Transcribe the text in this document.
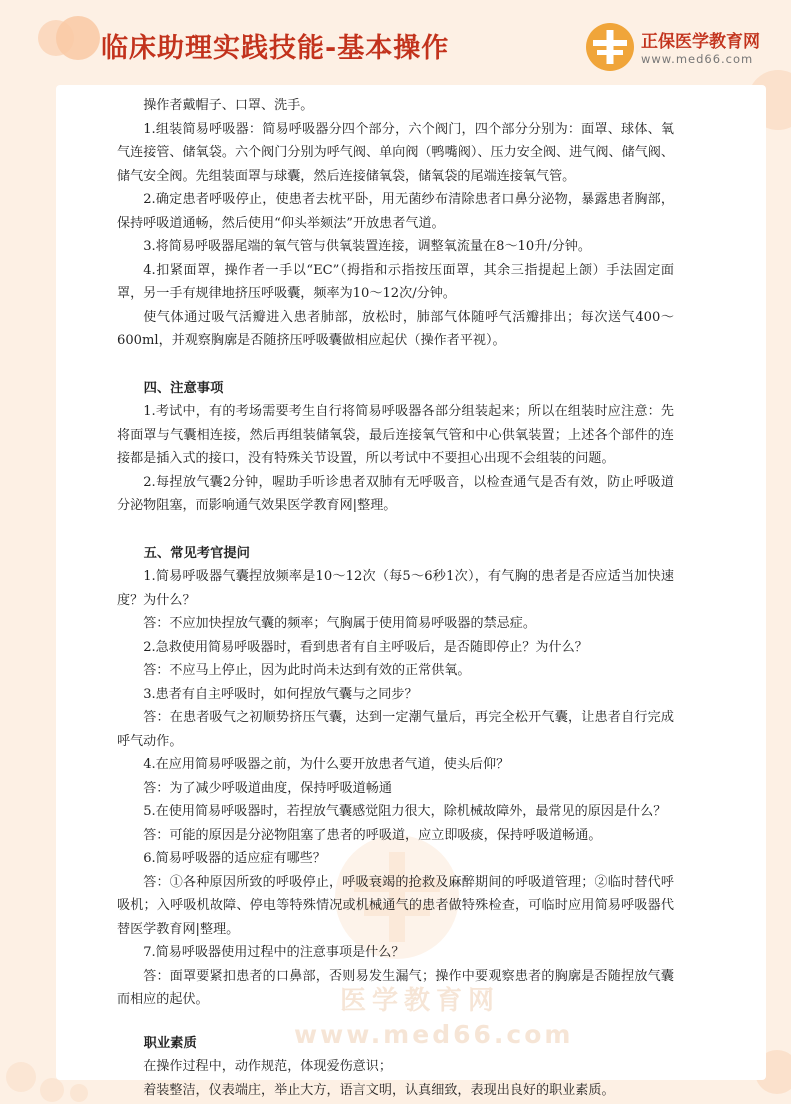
临床助理实践技能-基本操作	正保医学教育网
www.med66.com
医学教育网
www.med66.com

操作者戴帽子、口罩、洗手。

1.组装简易呼吸器：简易呼吸器分四个部分，六个阀门，四个部分分别为：面罩、球体、氧气连接管、储氧袋。六个阀门分别为呼气阀、单向阀（鸭嘴阀）、压力安全阀、进气阀、储气阀、储气安全阀。先组装面罩与球囊，然后连接储氧袋，储氧袋的尾端连接氧气管。

2.确定患者呼吸停止，使患者去枕平卧，用无菌纱布清除患者口鼻分泌物，暴露患者胸部，保持呼吸道通畅，然后使用“仰头举颏法”开放患者气道。

3.将简易呼吸器尾端的氧气管与供氧装置连接，调整氧流量在8～10升/分钟。

4.扣紧面罩，操作者一手以“EC”（拇指和示指按压面罩，其余三指提起上颌）手法固定面罩，另一手有规律地挤压呼吸囊，频率为10～12次/分钟。

使气体通过吸气活瓣进入患者肺部，放松时，肺部气体随呼气活瓣排出；每次送气400～600ml，并观察胸廓是否随挤压呼吸囊做相应起伏（操作者平视）。

四、注意事项

1.考试中，有的考场需要考生自行将简易呼吸器各部分组装起来；所以在组装时应注意：先将面罩与气囊相连接，然后再组装储氧袋，最后连接氧气管和中心供氧装置；上述各个部件的连接都是插入式的接口，没有特殊关节设置，所以考试中不要担心出现不会组装的问题。

2.每捏放气囊2分钟，喔助手听诊患者双肺有无呼吸音，以检查通气是否有效，防止呼吸道分泌物阻塞，而影响通气效果医学教育网|整理。

五、常见考官提问

1.简易呼吸器气囊捏放频率是10～12次（每5～6秒1次），有气胸的患者是否应适当加快速度？为什么？

答：不应加快捏放气囊的频率；气胸属于使用简易呼吸器的禁忌症。

2.急救使用简易呼吸器时，看到患者有自主呼吸后，是否随即停止？为什么？

答：不应马上停止，因为此时尚未达到有效的正常供氧。

3.患者有自主呼吸时，如何捏放气囊与之同步？

答：在患者吸气之初顺势挤压气囊，达到一定潮气量后，再完全松开气囊，让患者自行完成呼气动作。

4.在应用简易呼吸器之前，为什么要开放患者气道，使头后仰？

答：为了减少呼吸道曲度，保持呼吸道畅通

5.在使用简易呼吸器时，若捏放气囊感觉阻力很大，除机械故障外，最常见的原因是什么？

答：可能的原因是分泌物阻塞了患者的呼吸道，应立即吸痰，保持呼吸道畅通。

6.简易呼吸器的适应症有哪些？

答：①各种原因所致的呼吸停止，呼吸衰竭的抢救及麻醉期间的呼吸道管理；②临时替代呼吸机；入呼吸机故障、停电等特殊情况或机械通气的患者做特殊检查，可临时应用简易呼吸器代替医学教育网|整理。

7.简易呼吸器使用过程中的注意事项是什么？

答：面罩要紧扣患者的口鼻部，否则易发生漏气；操作中要观察患者的胸廓是否随捏放气囊而相应的起伏。

职业素质

在操作过程中，动作规范，体现爱伤意识；

着装整洁，仪表端庄，举止大方，语言文明，认真细致，表现出良好的职业素质。
